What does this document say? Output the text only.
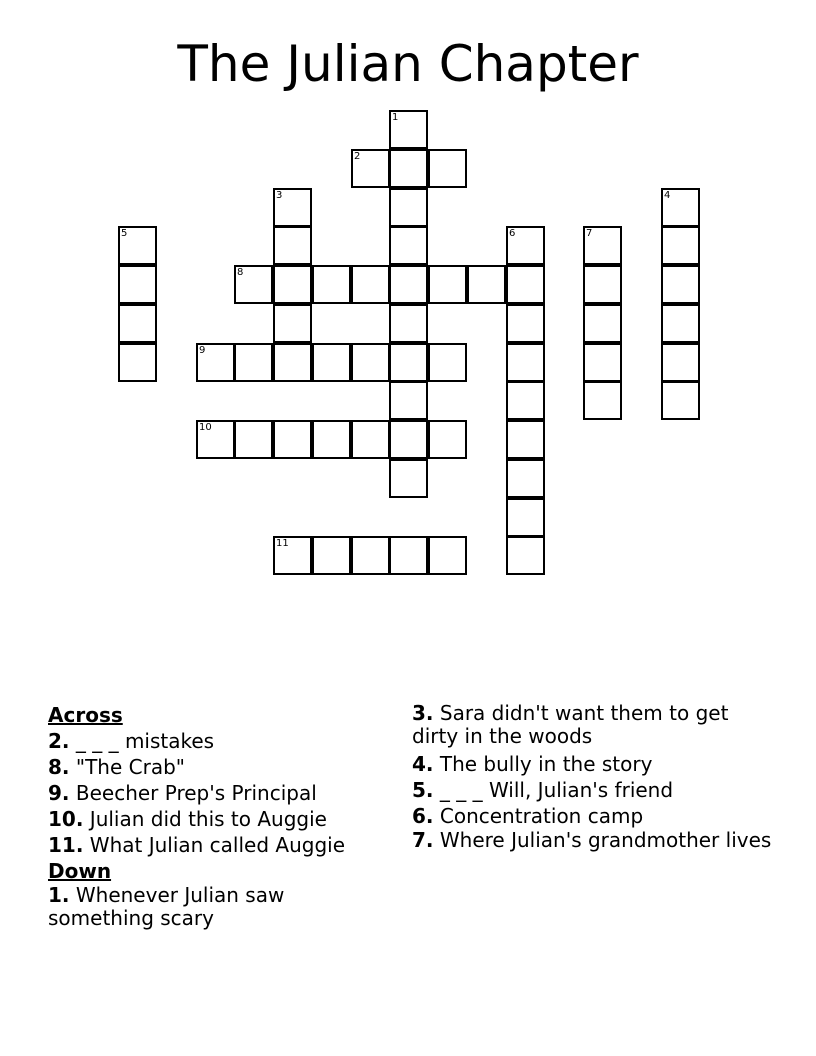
The Julian Chapter
1
2
3	4
5	6	7
8
9
10
11
Across
2. _ _ _ mistakes
8. "The Crab"
9. Beecher Prep's Principal
10. Julian did this to Auggie
11. What Julian called Auggie
Down
1. Whenever Julian saw something scary
3. Sara didn't want them to get dirty in the woods
4. The bully in the story
5. _ _ _ Will, Julian's friend
6. Concentration camp
7. Where Julian's grandmother lives
